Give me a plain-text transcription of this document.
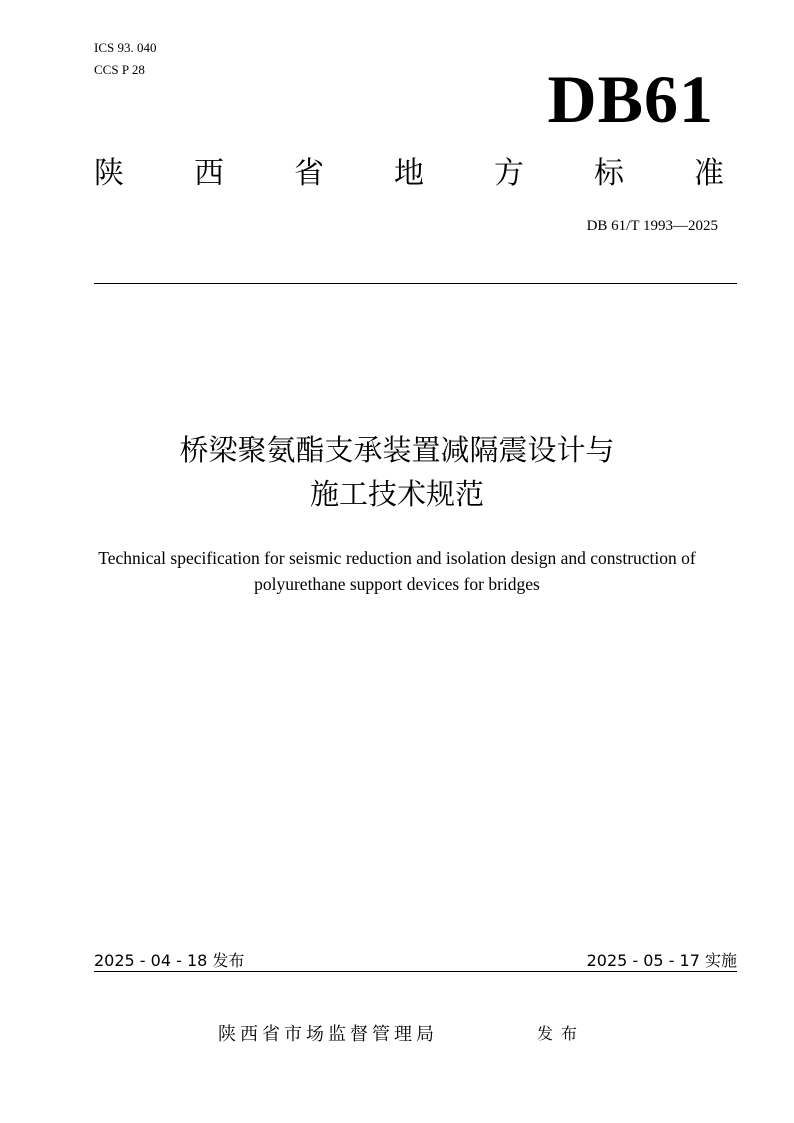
ICS 93. 040
CCS P 28	DB61
陕 西 省 地 方 标 准
DB 61/T 1993—2025
桥梁聚氨酯支承装置减隔震设计与
施工技术规范
Technical specification for seismic reduction and isolation design and construction of
polyurethane support devices for bridges
2025 - 04 - 18 发布	2025 - 05 - 17 实施
陕西省市场监督管理局	发布
